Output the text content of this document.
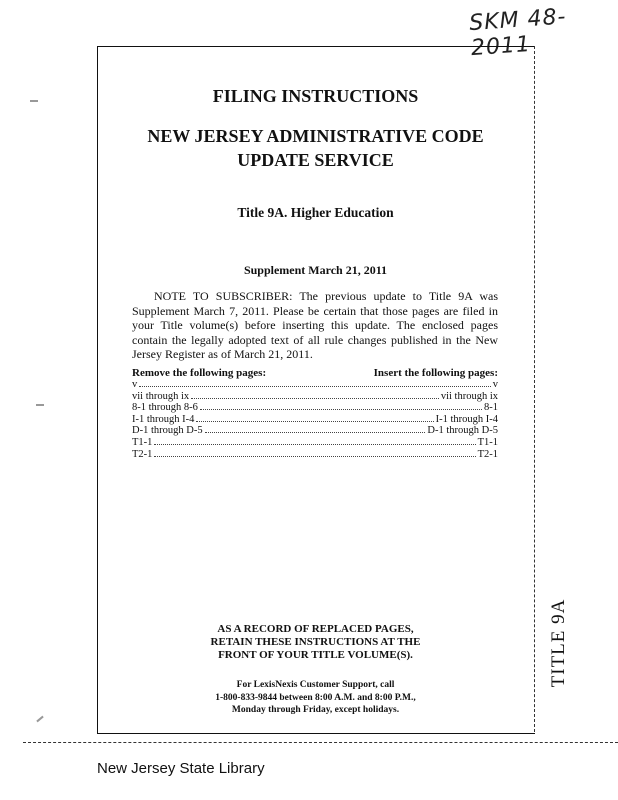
SKM 48-2011
FILING INSTRUCTIONS
NEW JERSEY ADMINISTRATIVE CODE
UPDATE SERVICE
Title 9A. Higher Education
Supplement March 21, 2011
NOTE TO SUBSCRIBER: The previous update to Title 9A was Supplement March 7, 2011. Please be certain that those pages are filed in your Title volume(s) before inserting this update. The enclosed pages contain the legally adopted text of all rule changes published in the New Jersey Register as of March 21, 2011.
Remove the following pages:	Insert the following pages:
v	v
vii through ix	vii through ix
8-1 through 8-6	8-1
I-1 through I-4	I-1 through I-4
D-1 through D-5	D-1 through D-5
T1-1	T1-1
T2-1	T2-1
AS A RECORD OF REPLACED PAGES,
RETAIN THESE INSTRUCTIONS AT THE
FRONT OF YOUR TITLE VOLUME(S).
For LexisNexis Customer Support, call
1-800-833-9844 between 8:00 A.M. and 8:00 P.M.,
Monday through Friday, except holidays.
TITLE 9A
New Jersey State Library
